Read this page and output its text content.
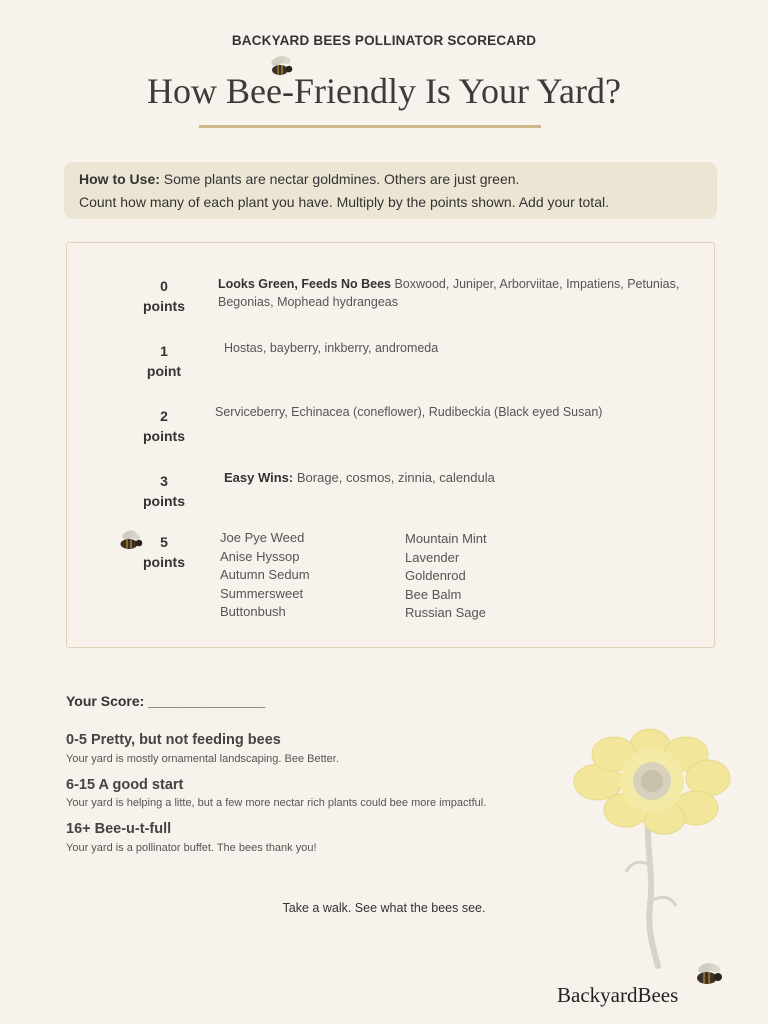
BACKYARD BEES POLLINATOR SCORECARD
How Bee-Friendly Is Your Yard?
How to Use: Some plants are nectar goldmines. Others are just green.
Count how many of each plant you have. Multiply by the points shown. Add your total.
0
points
Looks Green, Feeds No Bees Boxwood, Juniper, Arborviitae, Impatiens, Petunias, Begonias, Mophead hydrangeas
1
point
Hostas, bayberry, inkberry, andromeda
2
points
Serviceberry, Echinacea (coneflower), Rudibeckia (Black eyed Susan)
3
points
Easy Wins: Borage, cosmos, zinnia, calendula
5
points
Joe Pye Weed
Anise Hyssop
Autumn Sedum
Summersweet
Buttonbush
Mountain Mint
Lavender
Goldenrod
Bee Balm
Russian Sage
Your Score: _______________
0-5 Pretty, but not feeding bees
Your yard is mostly ornamental landscaping. Bee Better.
6-15 A good start
Your yard is helping a litte, but a few more nectar rich plants could bee more impactful.
16+ Bee-u-t-full
Your yard is a pollinator buffet. The bees thank you!
Take a walk. See what the bees see.
BackyardBees
